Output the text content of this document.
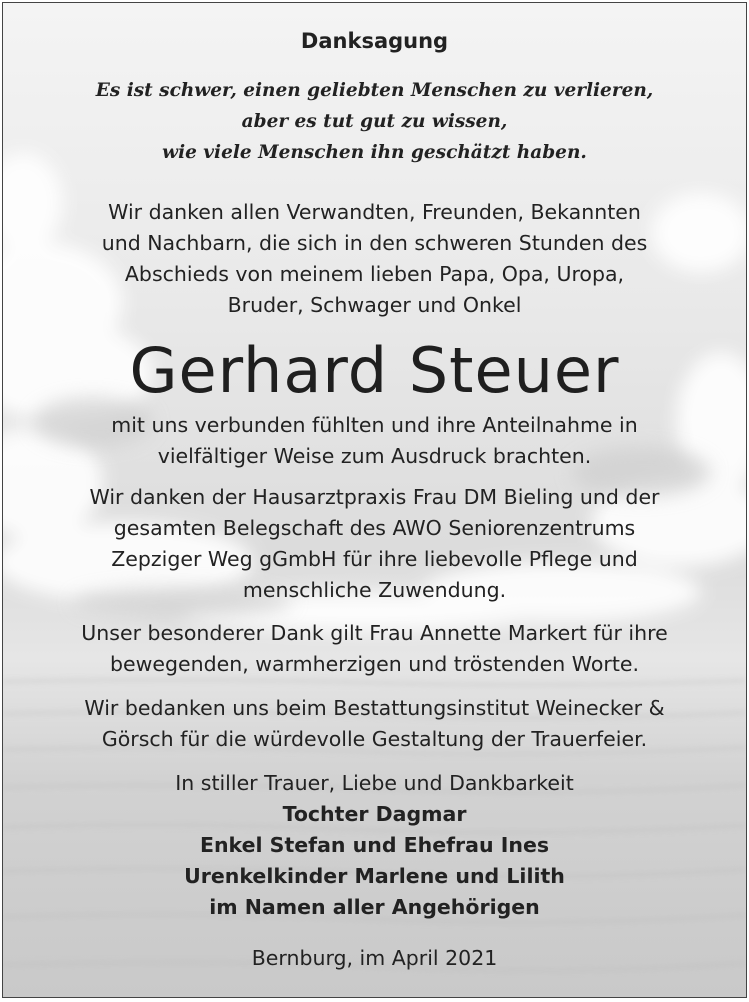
Danksagung

Es ist schwer, einen geliebten Menschen zu verlieren,
aber es tut gut zu wissen,
wie viele Menschen ihn geschätzt haben.
Wir danken allen Verwandten, Freunden, Bekannten
und Nachbarn, die sich in den schweren Stunden des
Abschieds von meinem lieben Papa, Opa, Uropa,
Bruder, Schwager und Onkel

Gerhard Steuer

mit uns verbunden fühlten und ihre Anteilnahme in
vielfältiger Weise zum Ausdruck brachten.
Wir danken der Hausarztpraxis Frau DM Bieling und der
gesamten Belegschaft des AWO Seniorenzentrums
Zepziger Weg gGmbH für ihre liebevolle Pflege und
menschliche Zuwendung.
Unser besonderer Dank gilt Frau Annette Markert für ihre
bewegenden, warmherzigen und tröstenden Worte.
Wir bedanken uns beim Bestattungsinstitut Weinecker &
Görsch für die würdevolle Gestaltung der Trauerfeier.
In stiller Trauer, Liebe und Dankbarkeit
Tochter Dagmar
Enkel Stefan und Ehefrau Ines
Urenkelkinder Marlene und Lilith
im Namen aller Angehörigen

Bernburg, im April 2021
